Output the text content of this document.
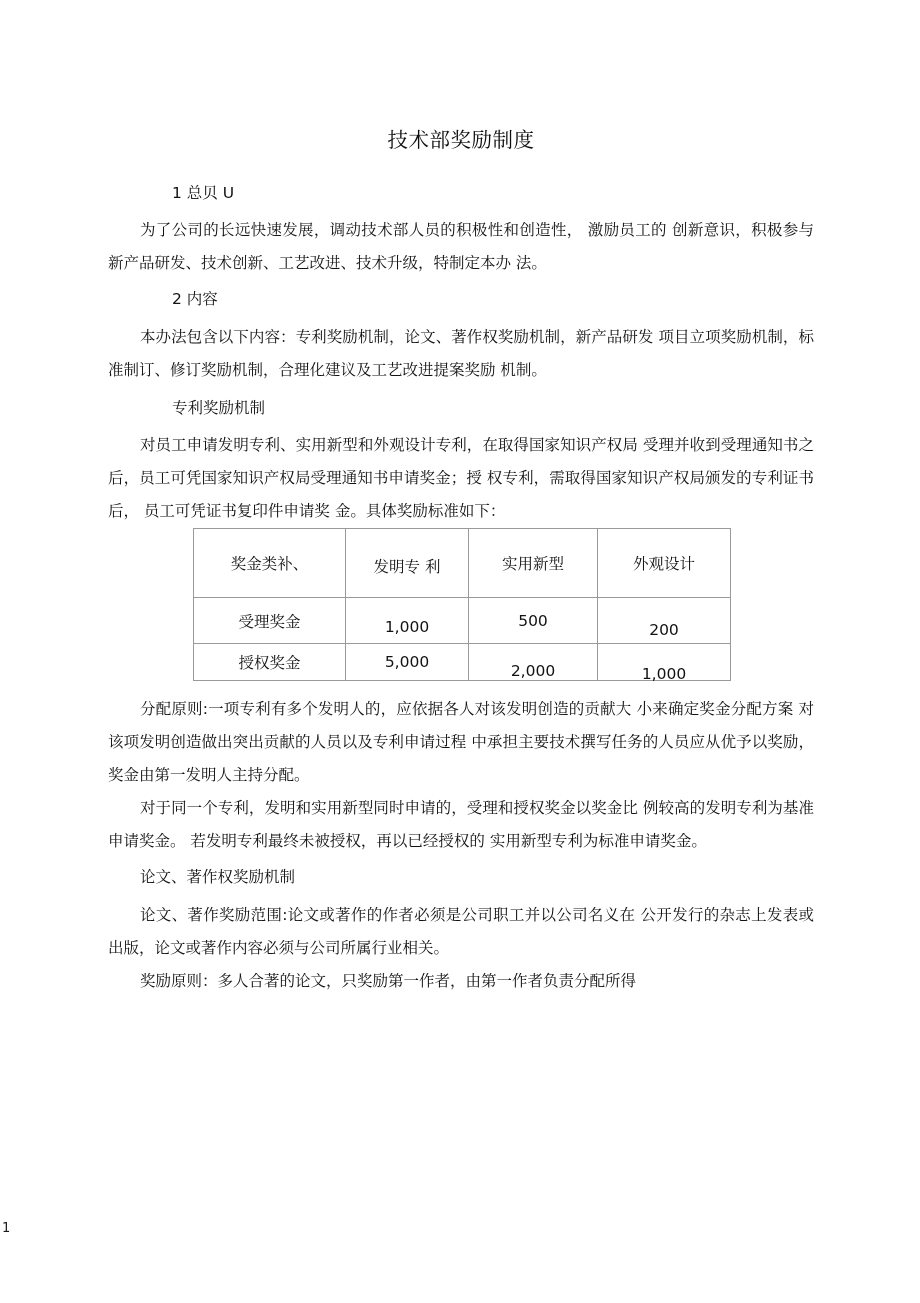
技术部奖励制度

1 总贝 U

为了公司的长远快速发展，调动技术部人员的积极性和创造性， 激励员工的 创新意识，积极参与新产品研发、技术创新、工艺改进、技术升级，特制定本办 法。

2 内容

本办法包含以下内容：专利奖励机制，论文、著作权奖励机制，新产品研发 项目立项奖励机制，标准制订、修订奖励机制，合理化建议及工艺改进提案奖励 机制。

专利奖励机制

对员工申请发明专利、实用新型和外观设计专利，在取得国家知识产权局 受理并收到受理通知书之后，员工可凭国家知识产权局受理通知书申请奖金；授 权专利，需取得国家知识产权局颁发的专利证书后， 员工可凭证书复印件申请奖 金。具体奖励标准如下：

奖金类补、	发明专 利	实用新型	外观设计
受理奖金	1,000	500	200
授权奖金	5,000	2,000	1,000

分配原则:一项专利有多个发明人的，应依据各人对该发明创造的贡献大 小来确定奖金分配方案 对该项发明创造做出突出贡献的人员以及专利申请过程 中承担主要技术撰写任务的人员应从优予以奖励，奖金由第一发明人主持分配。

对于同一个专利，发明和实用新型同时申请的，受理和授权奖金以奖金比 例较高的发明专利为基准申请奖金。 若发明专利最终未被授权，再以已经授权的 实用新型专利为标准申请奖金。

论文、著作权奖励机制

论文、著作奖励范围:论文或著作的作者必须是公司职工并以公司名义在 公开发行的杂志上发表或出版，论文或著作内容必须与公司所属行业相关。

奖励原则：多人合著的论文，只奖励第一作者，由第一作者负责分配所得

1
